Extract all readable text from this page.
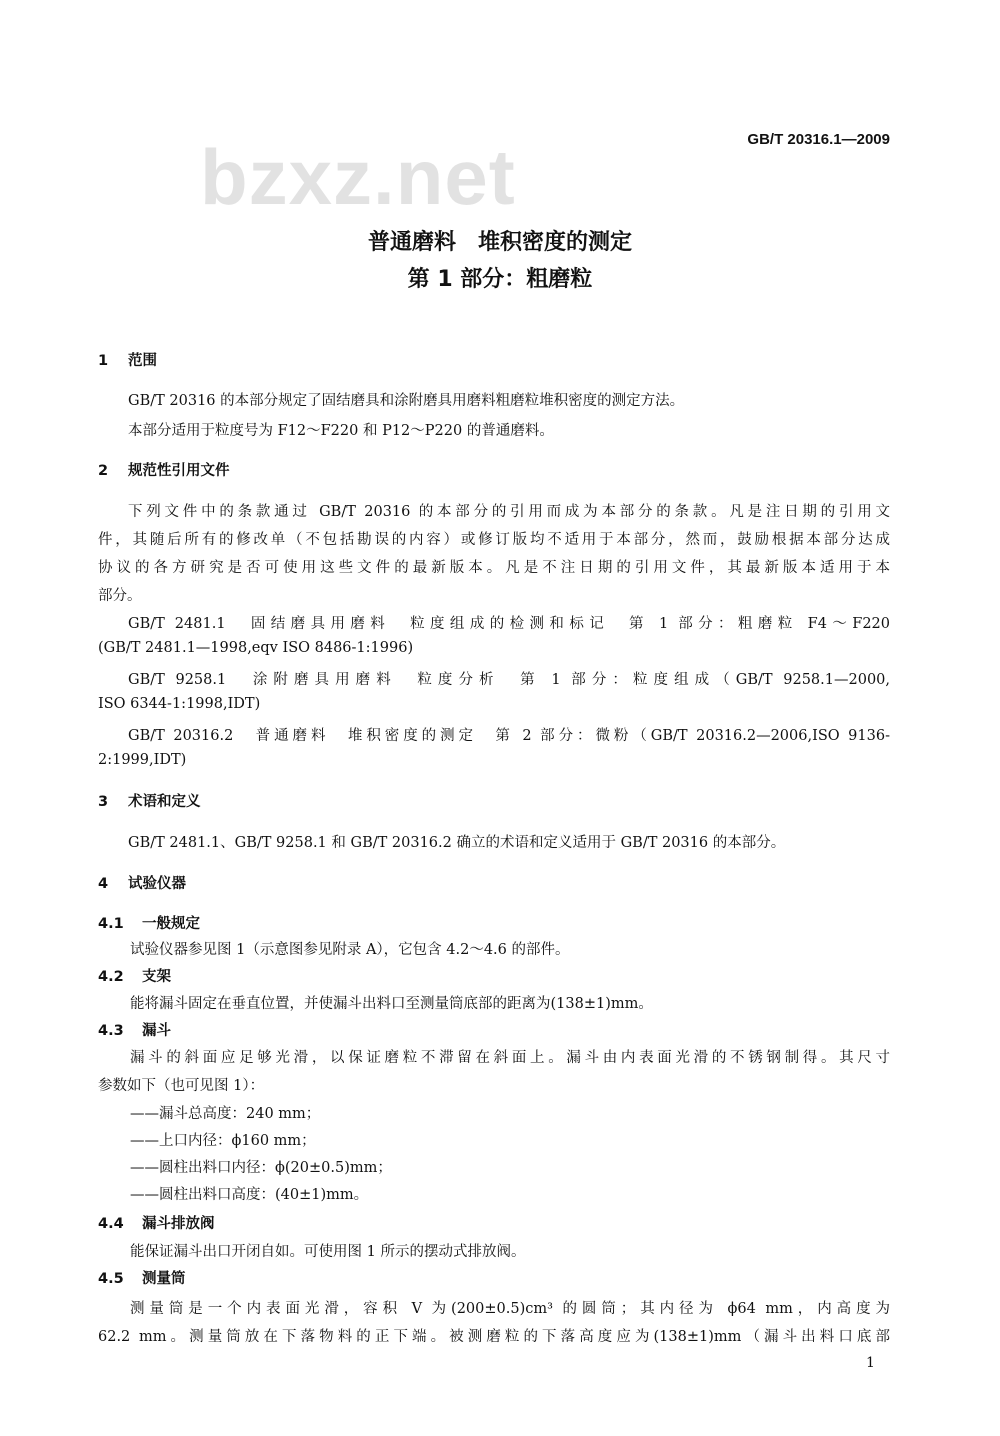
bzxz.net	GB/T 20316.1—2009
普通磨料　堆积密度的测定
第 1 部分：粗磨粒
1 范围
GB/T 20316 的本部分规定了固结磨具和涂附磨具用磨料粗磨粒堆积密度的测定方法。
本部分适用于粒度号为 F12～F220 和 P12～P220 的普通磨料。
2 规范性引用文件
下列文件中的条款通过 GB/T 20316 的本部分的引用而成为本部分的条款。凡是注日期的引用文
件，其随后所有的修改单（不包括勘误的内容）或修订版均不适用于本部分，然而，鼓励根据本部分达成
协议的各方研究是否可使用这些文件的最新版本。凡是不注日期的引用文件，其最新版本适用于本
部分。
GB/T 2481.1　固结磨具用磨料　粒度组成的检测和标记　第 1 部分：粗磨粒 F4～F220
(GB/T 2481.1—1998,eqv ISO 8486-1:1996)
GB/T 9258.1　涂附磨具用磨料　粒度分析　第 1 部分：粒度组成（GB/T 9258.1—2000,
ISO 6344-1:1998,IDT)
GB/T 20316.2　普通磨料　堆积密度的测定　第 2 部分：微粉（GB/T 20316.2—2006,ISO 9136-
2:1999,IDT)
3 术语和定义
GB/T 2481.1、GB/T 9258.1 和 GB/T 20316.2 确立的术语和定义适用于 GB/T 20316 的本部分。
4 试验仪器
4.1 一般规定
试验仪器参见图 1（示意图参见附录 A），它包含 4.2～4.6 的部件。
4.2 支架
能将漏斗固定在垂直位置，并使漏斗出料口至测量筒底部的距离为(138±1)mm。
4.3 漏斗
漏斗的斜面应足够光滑，以保证磨粒不滞留在斜面上。漏斗由内表面光滑的不锈钢制得。其尺寸
参数如下（也可见图 1）：
——漏斗总高度：240 mm；
——上口内径：ϕ160 mm；
——圆柱出料口内径：ϕ(20±0.5)mm；
——圆柱出料口高度：(40±1)mm。
4.4 漏斗排放阀
能保证漏斗出口开闭自如。可使用图 1 所示的摆动式排放阀。
4.5 测量筒
测量筒是一个内表面光滑，容积 V 为(200±0.5)cm³ 的圆筒；其内径为 ϕ64 mm，内高度为
62.2 mm。测量筒放在下落物料的正下端。被测磨粒的下落高度应为(138±1)mm（漏斗出料口底部
1
